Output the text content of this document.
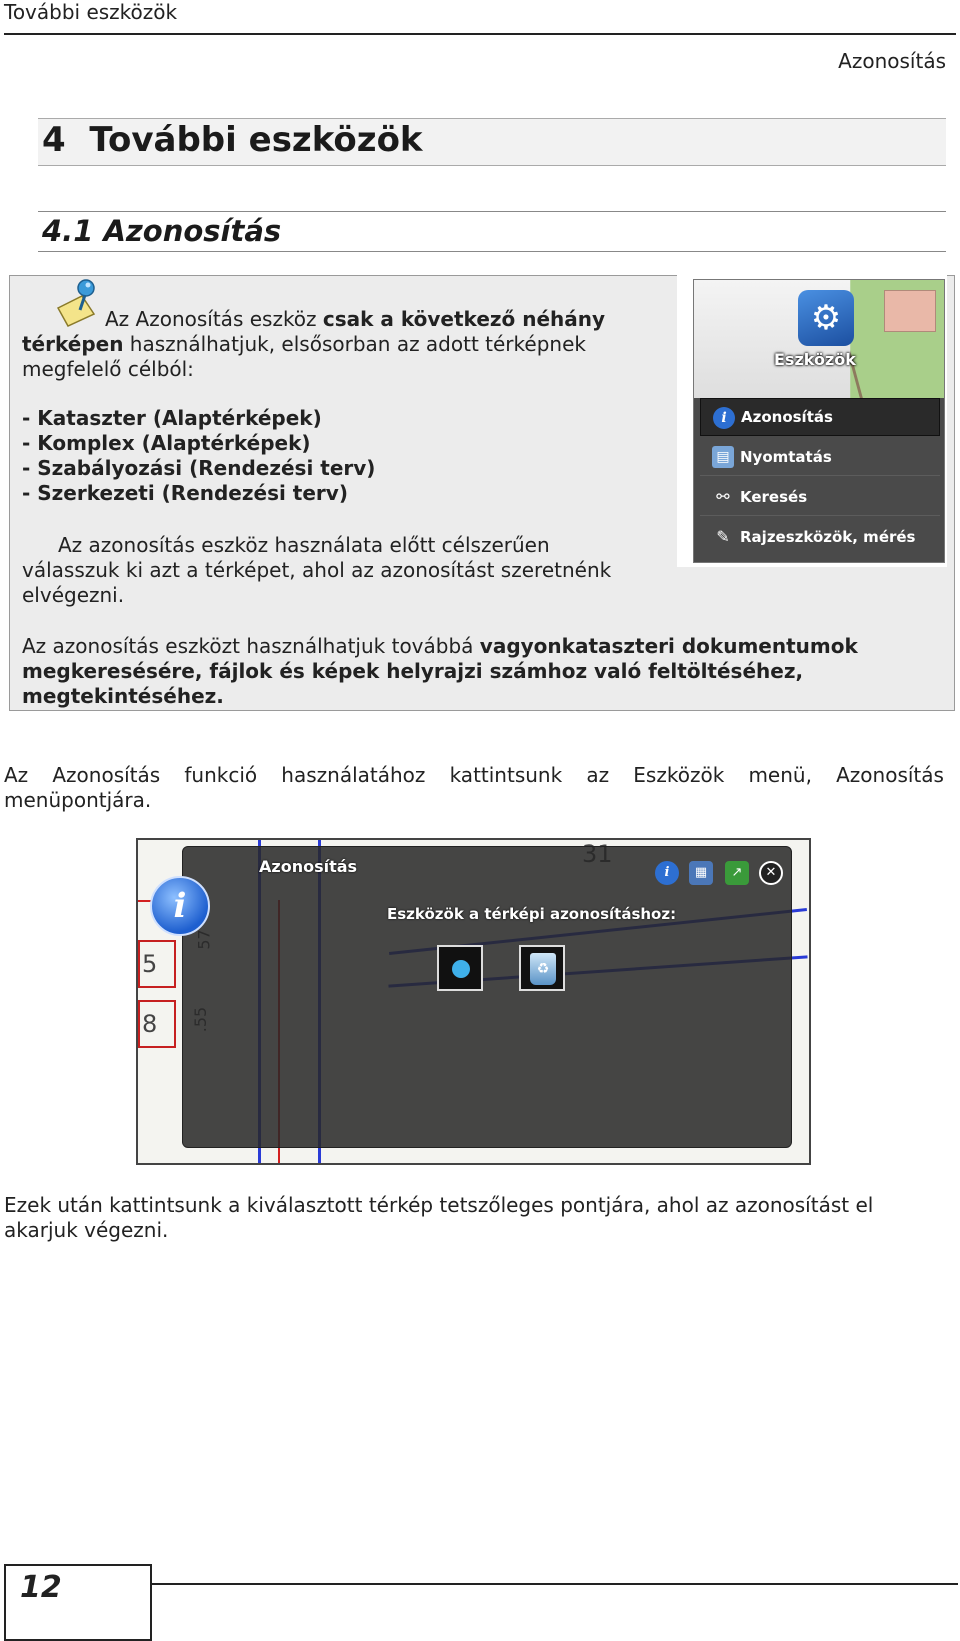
További eszközök
Azonosítás
4  További eszközök
4.1 Azonosítás
Az Azonosítás eszköz csak a következő néhány
térképen használhatjuk, elsősorban az adott térképnek
megfelelő célból:
- Kataszter (Alaptérképek)
- Komplex (Alaptérképek)
- Szabályozási (Rendezési terv)
- Szerkezeti (Rendezési terv)
Az azonosítás eszköz használata előtt célszerűen
válasszuk ki azt a térképet, ahol az azonosítást szeretnénk
elvégezni.
Az azonosítás eszközt használhatjuk továbbá vagyonkataszteri dokumentumok
megkeresésére, fájlok és képek helyrajzi számhoz való feltöltéséhez,
megtekintéséhez.
⚙
Eszközök
i Azonosítás
▤ Nyomtatás
⚯ Keresés
✎ Rajzeszközök, mérés
Az Azonosítás funkció használatához kattintsunk az Eszközök menü, Azonosítás
menüpontjára.
5
8
Azonosítás	i	▦	↗	✕
Eszközök a térképi azonosításhoz:
♻
i
Ezek után kattintsunk a kiválasztott térkép tetszőleges pontjára, ahol az azonosítást el
akarjuk végezni.
12
